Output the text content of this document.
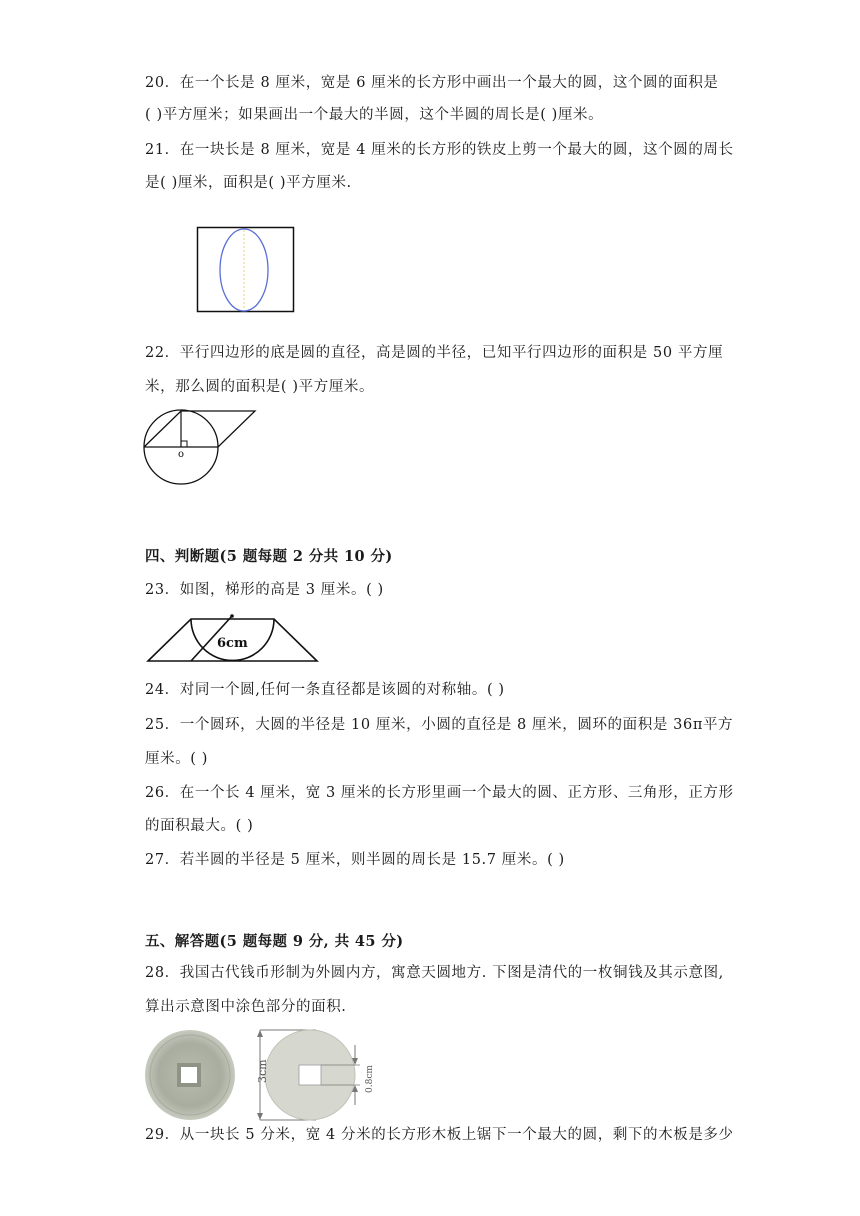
20．在一个长是 8 厘米，宽是 6 厘米的长方形中画出一个最大的圆，这个圆的面积是
( )平方厘米；如果画出一个最大的半圆，这个半圆的周长是( )厘米。
21．在一块长是 8 厘米，宽是 4 厘米的长方形的铁皮上剪一个最大的圆，这个圆的周长
是( )厘米，面积是( )平方厘米.
22．平行四边形的底是圆的直径，高是圆的半径，已知平行四边形的面积是 50 平方厘
米，那么圆的面积是( )平方厘米。
o
四、判断题(5 题每题 2 分共 10 分)
23．如图，梯形的高是 3 厘米。( )
6cm
24．对同一个圆,任何一条直径都是该圆的对称轴。( )
25．一个圆环，大圆的半径是 10 厘米，小圆的直径是 8 厘米，圆环的面积是 36π平方
厘米。( )
26．在一个长 4 厘米，宽 3 厘米的长方形里画一个最大的圆、正方形、三角形，正方形
的面积最大。( )
27．若半圆的半径是 5 厘米，则半圆的周长是 15.7 厘米。( )
五、解答题(5 题每题 9 分, 共 45 分)
28．我国古代钱币形制为外圆内方，寓意天圆地方. 下图是清代的一枚铜钱及其示意图,
算出示意图中涂色部分的面积.
3cm	0.8cm
29．从一块长 5 分米，宽 4 分米的长方形木板上锯下一个最大的圆，剩下的木板是多少
